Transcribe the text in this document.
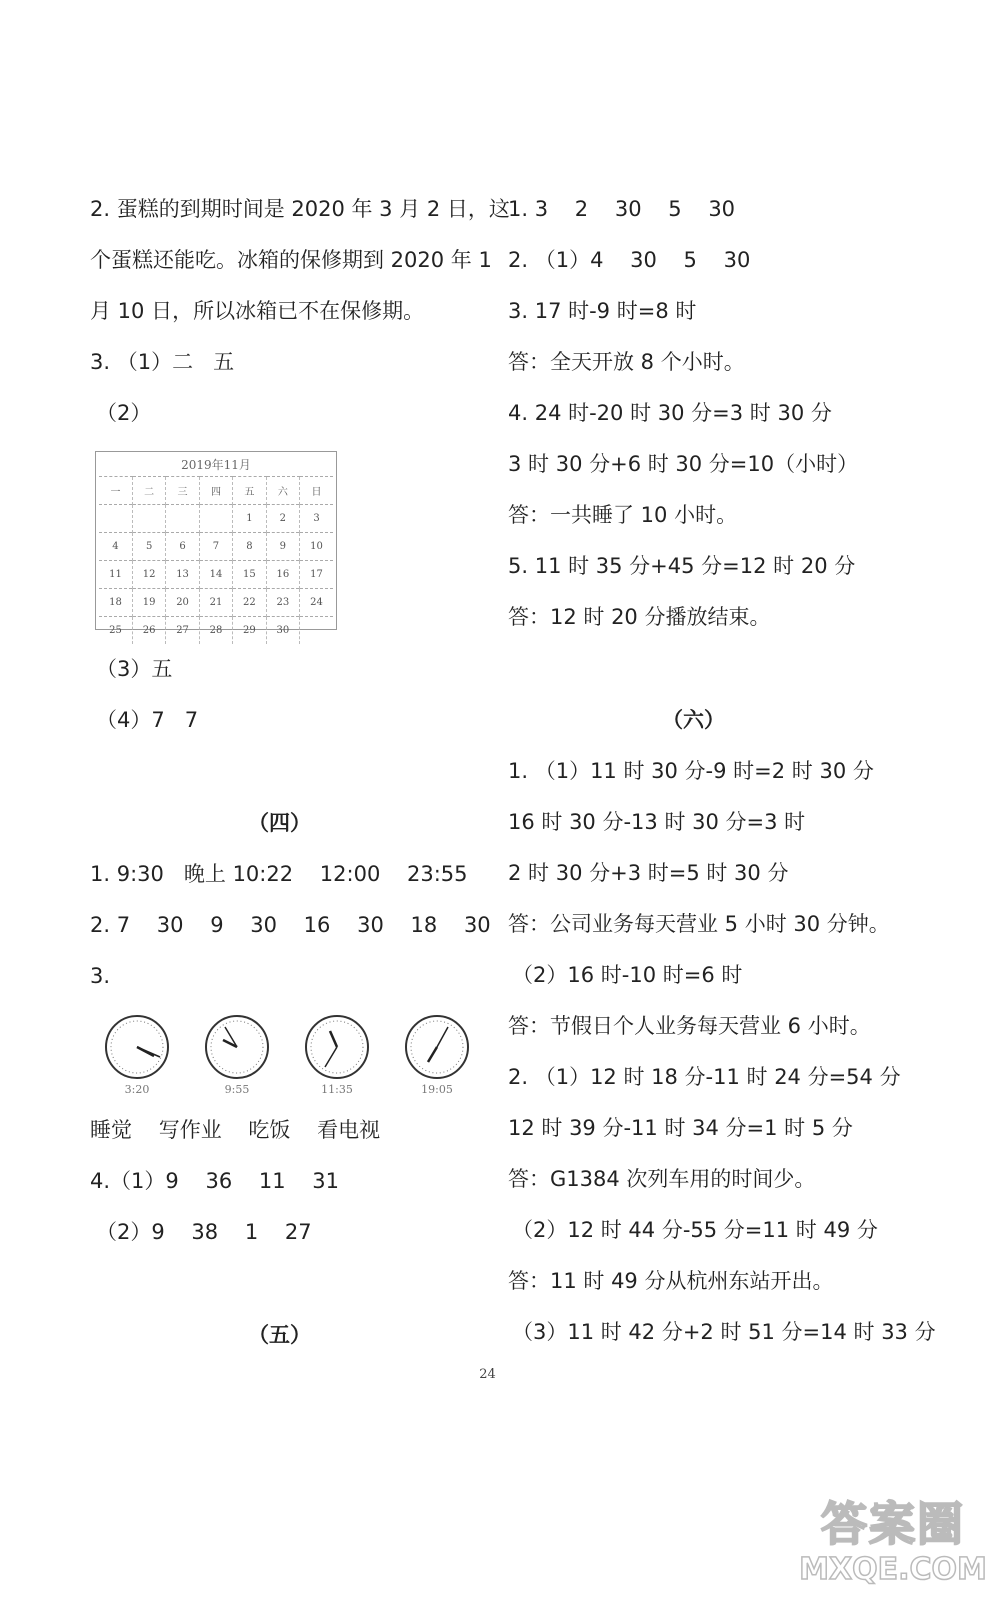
2. 蛋糕的到期时间是 2020 年 3 月 2 日，这
个蛋糕还能吃。冰箱的保修期到 2020 年 1
月 10 日，所以冰箱已不在保修期。
3. （1）二   五
（2）
2019年11月
一	二	三	四	五	六	日
				1	2	3
4	5	6	7	8	9	10
11	12	13	14	15	16	17
18	19	20	21	22	23	24
25	26	27	28	29	30	
（3）五
（4）7   7
（四）
1. 9:30   晚上 10:22    12:00    23:55
2. 7    30    9    30    16    30    18    30
3.
3:20	9:55	11:35	19:05
睡觉    写作业    吃饭    看电视
4.（1）9    36    11    31
（2）9    38    1    27
（五）
1. 3    2    30    5    30
2. （1）4    30    5    30
3. 17 时-9 时=8 时
答：全天开放 8 个小时。
4. 24 时-20 时 30 分=3 时 30 分
3 时 30 分+6 时 30 分=10（小时）
答：一共睡了 10 小时。
5. 11 时 35 分+45 分=12 时 20 分
答：12 时 20 分播放结束。
（六）
1. （1）11 时 30 分-9 时=2 时 30 分
16 时 30 分-13 时 30 分=3 时
2 时 30 分+3 时=5 时 30 分
答：公司业务每天营业 5 小时 30 分钟。
（2）16 时-10 时=6 时
答：节假日个人业务每天营业 6 小时。
2. （1）12 时 18 分-11 时 24 分=54 分
12 时 39 分-11 时 34 分=1 时 5 分
答：G1384 次列车用的时间少。
（2）12 时 44 分-55 分=11 时 49 分
答：11 时 49 分从杭州东站开出。
（3）11 时 42 分+2 时 51 分=14 时 33 分
24
答案圈
MXQE.COM
